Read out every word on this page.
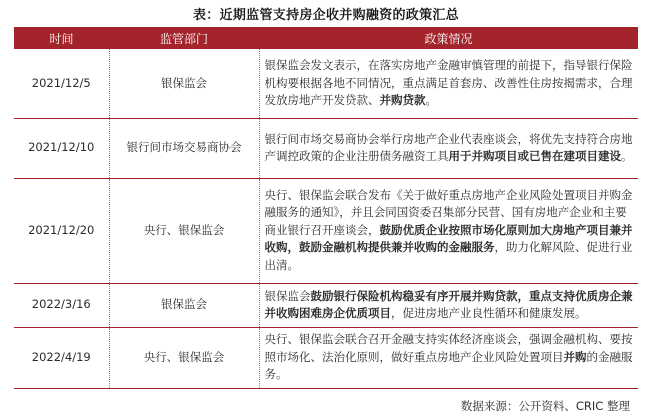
表：近期监管支持房企收并购融资的政策汇总
时间	监管部门	政策情况
2021/12/5	银保监会	银保监会发文表示，在落实房地产金融审慎管理的前提下，指导银行保险机构要根据各地不同情况，重点满足首套房、改善性住房按揭需求，合理发放房地产开发贷款、并购贷款。
2021/12/10	银行间市场交易商协会	银行间市场交易商协会举行房地产企业代表座谈会，将优先支持符合房地产调控政策的企业注册债务融资工具用于并购项目或已售在建项目建设。
2021/12/20	央行、银保监会	央行、银保监会联合发布《关于做好重点房地产企业风险处置项目并购金融服务的通知》，并且会同国资委召集部分民营、国有房地产企业和主要商业银行召开座谈会，鼓励优质企业按照市场化原则加大房地产项目兼并收购，鼓励金融机构提供兼并收购的金融服务，助力化解风险、促进行业出清。
2022/3/16	银保监会	银保监会鼓励银行保险机构稳妥有序开展并购贷款，重点支持优质房企兼并收购困难房企优质项目，促进房地产业良性循环和健康发展。
2022/4/19	央行、银保监会	央行、银保监会联合召开金融支持实体经济座谈会，强调金融机构、要按照市场化、法治化原则，做好重点房地产企业风险处置项目并购的金融服务。
数据来源：公开资料、CRIC 整理
